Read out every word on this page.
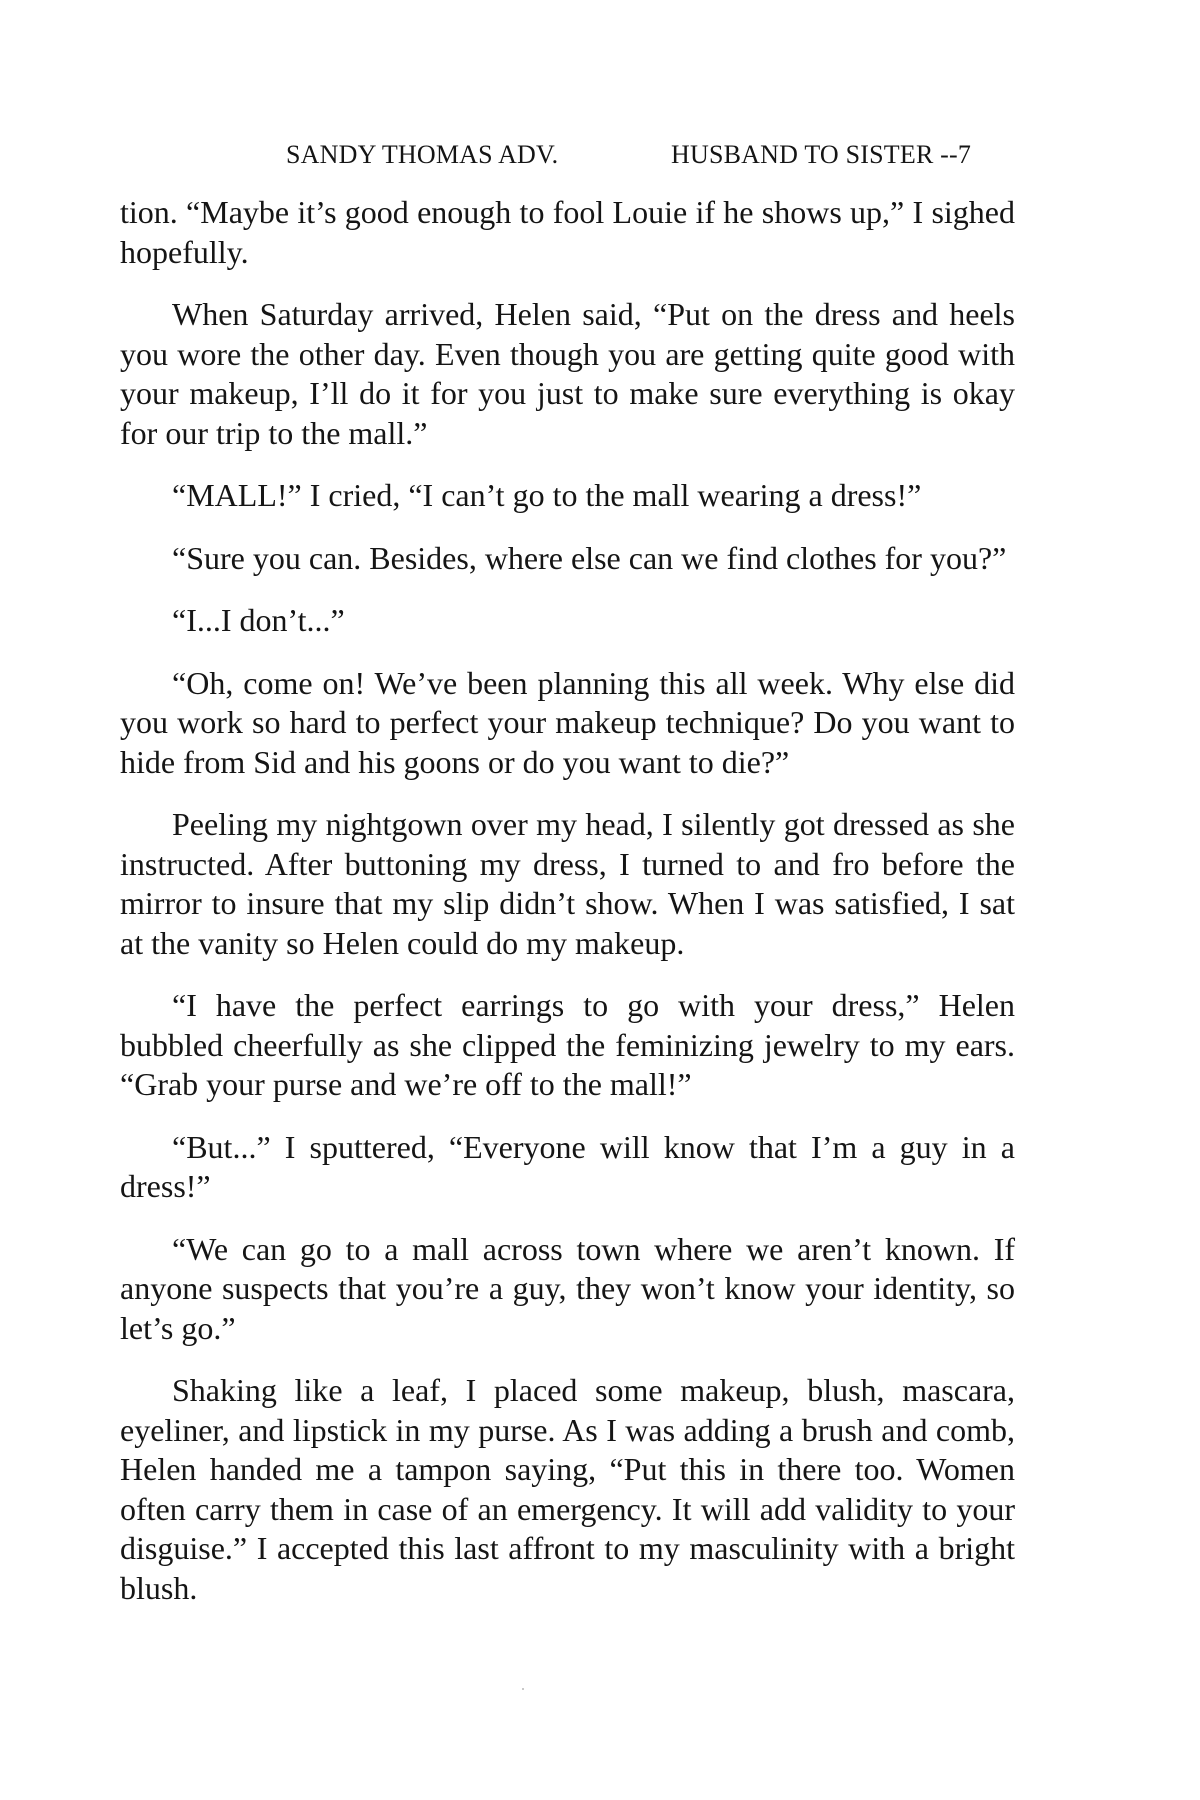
SANDY THOMAS ADV.	HUSBAND TO SISTER --7

tion. “Maybe it’s good enough to fool Louie if he shows up,” I sighed hopefully.

When Saturday arrived, Helen said, “Put on the dress and heels you wore the other day. Even though you are getting quite good with your makeup, I’ll do it for you just to make sure everything is okay for our trip to the mall.”

“MALL!” I cried, “I can’t go to the mall wearing a dress!”

“Sure you can. Besides, where else can we find clothes for you?”

“I...I don’t...”

“Oh, come on! We’ve been planning this all week. Why else did you work so hard to perfect your makeup technique? Do you want to hide from Sid and his goons or do you want to die?”

Peeling my nightgown over my head, I silently got dressed as she instructed. After buttoning my dress, I turned to and fro before the mirror to insure that my slip didn’t show. When I was satisfied, I sat at the vanity so Helen could do my makeup.

“I have the perfect earrings to go with your dress,” Helen bubbled cheerfully as she clipped the feminizing jewelry to my ears. “Grab your purse and we’re off to the mall!”

“But...” I sputtered, “Everyone will know that I’m a guy in a dress!”

“We can go to a mall across town where we aren’t known. If anyone suspects that you’re a guy, they won’t know your identity, so let’s go.”

Shaking like a leaf, I placed some makeup, blush, mascara, eyeliner, and lipstick in my purse. As I was adding a brush and comb, Helen handed me a tampon saying, “Put this in there too. Women often carry them in case of an emergency. It will add validity to your disguise.” I accepted this last affront to my masculinity with a bright blush.
